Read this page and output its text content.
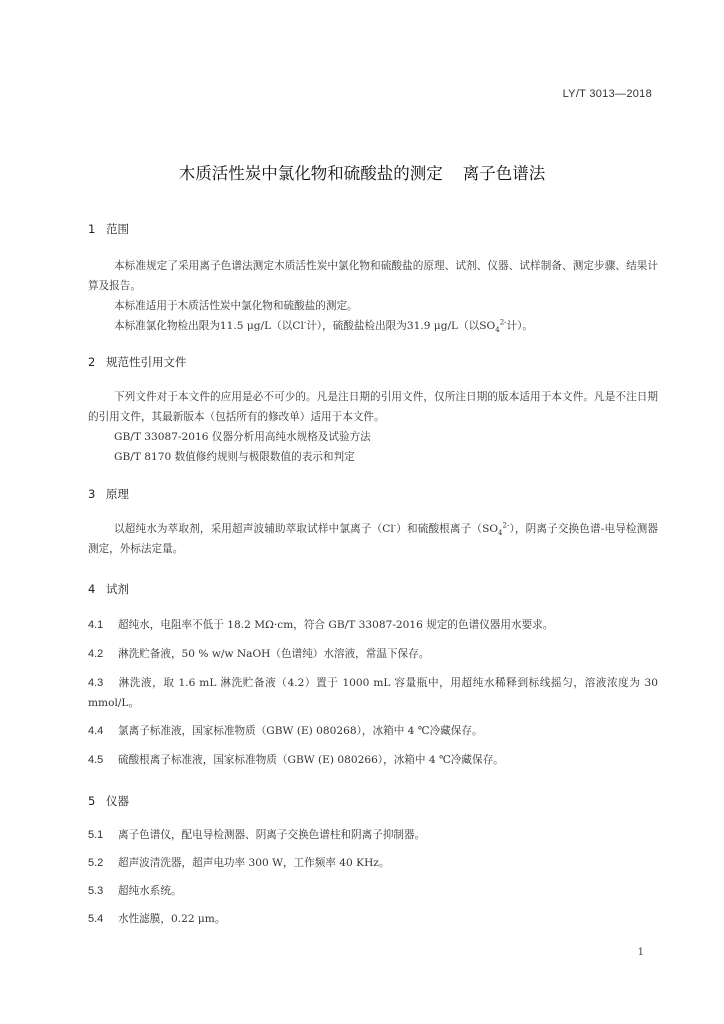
LY/T 3013—2018
木质活性炭中氯化物和硫酸盐的测定 离子色谱法
1 范围

本标准规定了采用离子色谱法测定木质活性炭中氯化物和硫酸盐的原理、试剂、仪器、试样制备、测定步骤、结果计算及报告。

本标准适用于木质活性炭中氯化物和硫酸盐的测定。

本标准氯化物检出限为11.5 μg/L（以Cl-计），硫酸盐检出限为31.9 μg/L（以$SO_4^{2-}$计）。

2 规范性引用文件

下列文件对于本文件的应用是必不可少的。凡是注日期的引用文件，仅所注日期的版本适用于本文件。凡是不注日期的引用文件，其最新版本（包括所有的修改单）适用于本文件。

GB/T 33087-2016 仪器分析用高纯水规格及试验方法

GB/T 8170 数值修约规则与极限数值的表示和判定

3 原理

以超纯水为萃取剂，采用超声波辅助萃取试样中氯离子（Cl-）和硫酸根离子$(SO_4^{2-})$，阴离子交换色谱-电导检测器测定，外标法定量。

4 试剂
4.1 超纯水，电阻率不低于 18.2 MΩ·cm，符合 GB/T 33087-2016 规定的色谱仪器用水要求。
4.2 淋洗贮备液，50 % w/w NaOH（色谱纯）水溶液，常温下保存。
4.3 淋洗液，取 1.6 mL 淋洗贮备液（4.2）置于 1000 mL 容量瓶中，用超纯水稀释到标线摇匀，溶液浓度为 30 mmol/L。
4.4 氯离子标准液，国家标准物质（GBW (E) 080268），冰箱中 4 ℃冷藏保存。
4.5 硫酸根离子标准液，国家标准物质（GBW (E) 080266），冰箱中 4 ℃冷藏保存。
5 仪器
5.1 离子色谱仪，配电导检测器、阴离子交换色谱柱和阴离子抑制器。
5.2 超声波清洗器，超声电功率 300 W，工作频率 40 KHz。
5.3 超纯水系统。
5.4 水性滤膜，0.22 μm。
1
